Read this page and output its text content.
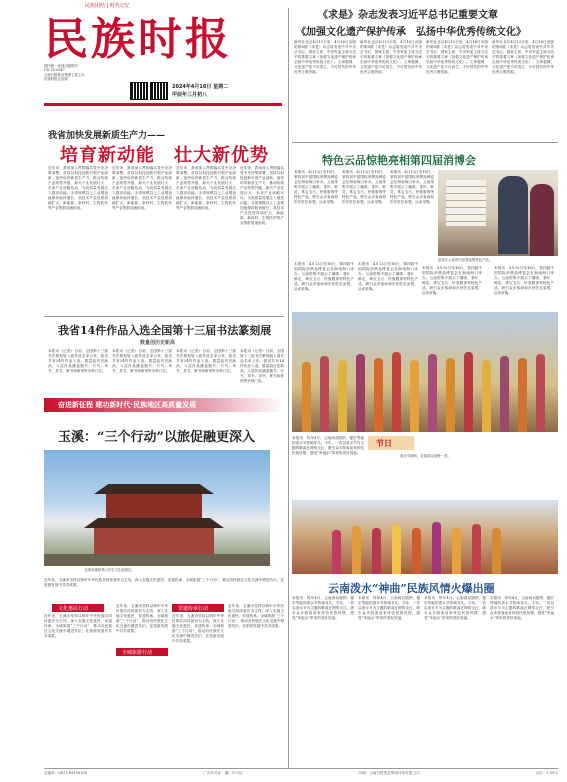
民族团结 | 时代记忆
民族时报
国内统一连续出版物号
CN 53-0047
云南日报报业集团主管主办
民族时报社出版
2024年4月16日 星期二
甲辰年三月初八
我省加快发展新质生产力——
培育新动能　壮大新优势
近年来，我省深入贯彻落实党中央决策部署，坚持以科技创新引领产业创新，加快培育新质生产力，推动传统产业转型升级、新兴产业发展壮大、未来产业前瞻布局，为高质量发展注入强劲动能。全省规模以上工业增加值保持较快增长，高技术产业投资持续扩大，新能源、新材料、生物医药等产业集群加速形成。
近年来，我省深入贯彻落实党中央决策部署，坚持以科技创新引领产业创新，加快培育新质生产力，推动传统产业转型升级、新兴产业发展壮大、未来产业前瞻布局，为高质量发展注入强劲动能。全省规模以上工业增加值保持较快增长，高技术产业投资持续扩大，新能源、新材料、生物医药等产业集群加速形成。
近年来，我省深入贯彻落实党中央决策部署，坚持以科技创新引领产业创新，加快培育新质生产力，推动传统产业转型升级、新兴产业发展壮大、未来产业前瞻布局，为高质量发展注入强劲动能。全省规模以上工业增加值保持较快增长，高技术产业投资持续扩大，新能源、新材料、生物医药等产业集群加速形成。
近年来，我省深入贯彻落实党中央决策部署，坚持以科技创新引领产业创新，加快培育新质生产力，推动传统产业转型升级、新兴产业发展壮大、未来产业前瞻布局，为高质量发展注入强劲动能。全省规模以上工业增加值保持较快增长，高技术产业投资持续扩大，新能源、新材料、生物医药等产业集群加速形成。
《求是》杂志发表习近平总书记重要文章
《加强文化遗产保护传承　弘扬中华优秀传统文化》
新华社北京4月15日电　4月16日出版的第8期《求是》杂志将发表中共中央总书记、国家主席、中央军委主席习近平的重要文章《加强文化遗产保护传承　弘扬中华优秀传统文化》。文章强调，文化遗产是不可再生、不可替代的中华优秀文明资源。
新华社北京4月15日电　4月16日出版的第8期《求是》杂志将发表中共中央总书记、国家主席、中央军委主席习近平的重要文章《加强文化遗产保护传承　弘扬中华优秀传统文化》。文章强调，文化遗产是不可再生、不可替代的中华优秀文明资源。
新华社北京4月15日电　4月16日出版的第8期《求是》杂志将发表中共中央总书记、国家主席、中央军委主席习近平的重要文章《加强文化遗产保护传承　弘扬中华优秀传统文化》。文章强调，文化遗产是不可再生、不可替代的中华优秀文明资源。
新华社北京4月15日电　4月16日出版的第8期《求是》杂志将发表中共中央总书记、国家主席、中央军委主席习近平的重要文章《加强文化遗产保护传承　弘扬中华优秀传统文化》。文章强调，文化遗产是不可再生、不可替代的中华优秀文明资源。
特色云品惊艳亮相第四届消博会
本报讯　4月13日至18日，第四届中国国际消费品博览会在海南海口举办。云南馆集中展示了咖啡、茶叶、鲜花、珠宝玉石、民族服饰等特色产品，吸引众多客商和市民驻足参观，洽谈采购。
本报讯　4月13日至18日，第四届中国国际消费品博览会在海南海口举办。云南馆集中展示了咖啡、茶叶、鲜花、珠宝玉石、民族服饰等特色产品，吸引众多客商和市民驻足参观，洽谈采购。
本报讯　4月13日至18日，第四届中国国际消费品博览会在海南海口举办。云南馆集中展示了咖啡、茶叶、鲜花、珠宝玉石、民族服饰等特色产品，吸引众多客商和市民驻足参观，洽谈采购。
游客在云南馆内参观选购特色产品。
本报讯　4月13日至18日，第四届中国国际消费品博览会在海南海口举办。云南馆集中展示了咖啡、茶叶、鲜花、珠宝玉石、民族服饰等特色产品，吸引众多客商和市民驻足参观，洽谈采购。
本报讯　4月13日至18日，第四届中国国际消费品博览会在海南海口举办。云南馆集中展示了咖啡、茶叶、鲜花、珠宝玉石、民族服饰等特色产品，吸引众多客商和市民驻足参观，洽谈采购。
本报讯　4月13日至18日，第四届中国国际消费品博览会在海南海口举办。云南馆集中展示了咖啡、茶叶、鲜花、珠宝玉石、民族服饰等特色产品，吸引众多客商和市民驻足参观，洽谈采购。
本报讯　4月13日至18日，第四届中国国际消费品博览会在海南海口举办。云南馆集中展示了咖啡、茶叶、鲜花、珠宝玉石、民族服饰等特色产品，吸引众多客商和市民驻足参观，洽谈采购。
我省14件作品入选全国第十三届书法篆刻展
数量创历史新高
本报讯（记者）日前，全国第十三届书法篆刻展入展作品名单公布，我省共有14件作品入选，数量创历史新高。入选作品涵盖楷书、行书、草书、隶书、篆书和篆刻等多种门类。
本报讯（记者）日前，全国第十三届书法篆刻展入展作品名单公布，我省共有14件作品入选，数量创历史新高。入选作品涵盖楷书、行书、草书、隶书、篆书和篆刻等多种门类。
本报讯（记者）日前，全国第十三届书法篆刻展入展作品名单公布，我省共有14件作品入选，数量创历史新高。入选作品涵盖楷书、行书、草书、隶书、篆书和篆刻等多种门类。
本报讯（记者）日前，全国第十三届书法篆刻展入展作品名单公布，我省共有14件作品入选，数量创历史新高。入选作品涵盖楷书、行书、草书、隶书、篆书和篆刻等多种门类。
奋进新征程 建功新时代·民族地区高质量发展
玉溪：“三个行动”以旅促融更深入
玉溪市通海秀山历史文化旅游区。
近年来，玉溪市坚持以铸牢中华民族共同体意识为主线，深入实施文化惠民、非遗传承、全域旅游“三个行动”，推动各民族在文化交流中增进共识，在旅游发展中共享成果。
文化惠民行动
近年来，玉溪市坚持以铸牢中华民族共同体意识为主线，深入实施文化惠民、非遗传承、全域旅游“三个行动”，推动各民族在文化交流中增进共识，在旅游发展中共享成果。
近年来，玉溪市坚持以铸牢中华民族共同体意识为主线，深入实施文化惠民、非遗传承、全域旅游“三个行动”，推动各民族在文化交流中增进共识，在旅游发展中共享成果。
非遗传承行动
近年来，玉溪市坚持以铸牢中华民族共同体意识为主线，深入实施文化惠民、非遗传承、全域旅游“三个行动”，推动各民族在文化交流中增进共识，在旅游发展中共享成果。
近年来，玉溪市坚持以铸牢中华民族共同体意识为主线，深入实施文化惠民、非遗传承、全域旅游“三个行动”，推动各民族在文化交流中增进共识，在旅游发展中共享成果。
全域旅游行动
本报讯　每年4月，云南西双版纳、德宏等地的泼水节热闹非凡。今年，一首以泼水节为主题的歌曲在网络走红，吸引众多游客前来体验民族风情，感受“幸福水”带来的美好祝福。
节日
泼水节期间，各族群众欢聚一堂。
云南泼水“神曲”民族风情火爆出圈
本报讯　每年4月，云南西双版纳、德宏等地的泼水节热闹非凡。今年，一首以泼水节为主题的歌曲在网络走红，吸引众多游客前来体验民族风情，感受“幸福水”带来的美好祝福。
本报讯　每年4月，云南西双版纳、德宏等地的泼水节热闹非凡。今年，一首以泼水节为主题的歌曲在网络走红，吸引众多游客前来体验民族风情，感受“幸福水”带来的美好祝福。
本报讯　每年4月，云南西双版纳、德宏等地的泼水节热闹非凡。今年，一首以泼水节为主题的歌曲在网络走红，吸引众多游客前来体验民族风情，感受“幸福水”带来的美好祝福。
本报讯　每年4月，云南西双版纳、德宏等地的泼水节热闹非凡。今年，一首以泼水节为主题的歌曲在网络走红，吸引众多游客前来体验民族风情，感受“幸福水”带来的美好祝福。
总编室：0871-64156106	广告许可证：滇广许可证	印刷：云南日报报业集团印务有限公司	定价：1.50元
